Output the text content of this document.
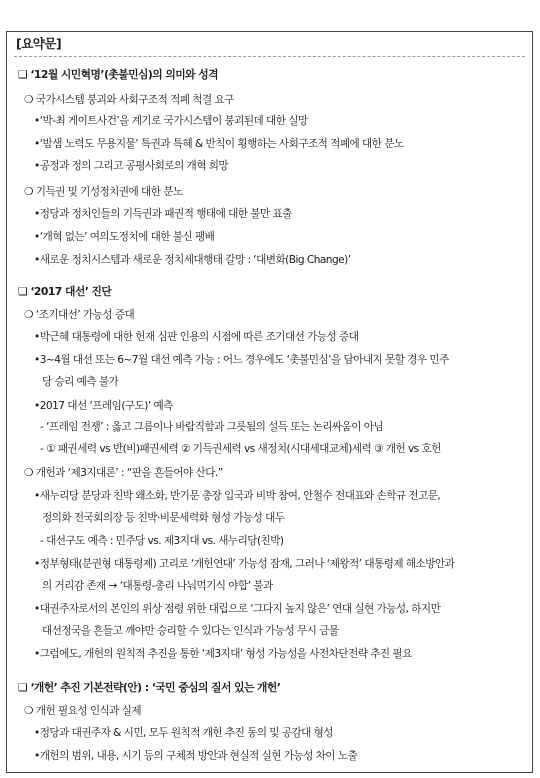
[요약문]
❑ ‘12월 시민혁명’(촛불민심)의 의미와 성격
❍ 국가시스템 붕괴와 사회구조적 적폐 척결 요구
•‘박-최 게이트사건’을 계기로 국가시스템이 붕괴된데 대한 실망
•‘밤샘 노력도 무용지물’ 특권과 특혜 & 반칙이 횡행하는 사회구조적 적폐에 대한 분노
•공정과 정의 그리고 공평사회로의 개혁 희망
❍ 기득권 및 기성정치권에 대한 분노
•정당과 정치인들의 기득권과 패권적 행태에 대한 불만 표출
•‘개혁 없는’ 여의도정치에 대한 불신 팽배
•새로운 정치시스템과 새로운 정치세대행태 갈망 : ‘대변화(Big Change)’
❑ ‘2017 대선’ 진단
❍ ‘조기대선’ 가능성 증대
•박근혜 대통령에 대한 헌재 심판 인용의 시점에 따른 조기대선 가능성 증대
•3~4월 대선 또는 6~7월 대선 예측 가능 : 어느 경우에도 ‘촛불민심’을 담아내지 못할 경우 민주
당 승리 예측 불가
•2017 대선 ‘프레임(구도)’ 예측
- ‘프레임 전쟁’ : 옳고 그름이나 바람직함과 그릇됨의 설득 또는 논리싸움이 아님
- ① 패권세력 vs 반(비)패권세력 ② 기득권세력 vs 새정치(시대세대교체)세력 ③ 개헌 vs 호헌
❍ 개헌과 ‘제3지대론’ : “판을 흔들어야 산다.”
•새누리당 분당과 친박 왜소화, 반기문 총장 입국과 비박 참여, 안철수 전대표와 손학규 전고문,
정의화 전국회의장 등 친박·비문세력화 형성 가능성 대두
- 대선구도 예측 : 민주당 vs. 제3지대 vs. 새누리당(친박)
•정부형태(분권형 대통령제) 고리로 ‘개헌연대’ 가능성 잠재, 그러나 ‘제왕적’ 대통령제 해소방안과
의 거리감 존재 → ‘대통령-총리 나눠먹기식 야합’ 불과
•대권주자로서의 본인의 위상 점령 위한 대립으로 ‘그다지 높지 않은’ 연대 실현 가능성, 하지만
대선정국을 흔들고 깨야만 승리할 수 있다는 인식과 가능성 무시 금물
•그럼에도, 개헌의 원칙적 추진을 통한 ‘제3지대’ 형성 가능성을 사전차단전략 추진 필요
❑ ‘개헌’ 추진 기본전략(안) : ‘국민 중심의 질서 있는 개헌’
❍ 개헌 필요성 인식과 실제
•정당과 대권주자 & 시민, 모두 원칙적 개헌 추진 동의 및 공감대 형성
•개헌의 범위, 내용, 시기 등의 구체적 방안과 현실적 실현 가능성 차이 노출
